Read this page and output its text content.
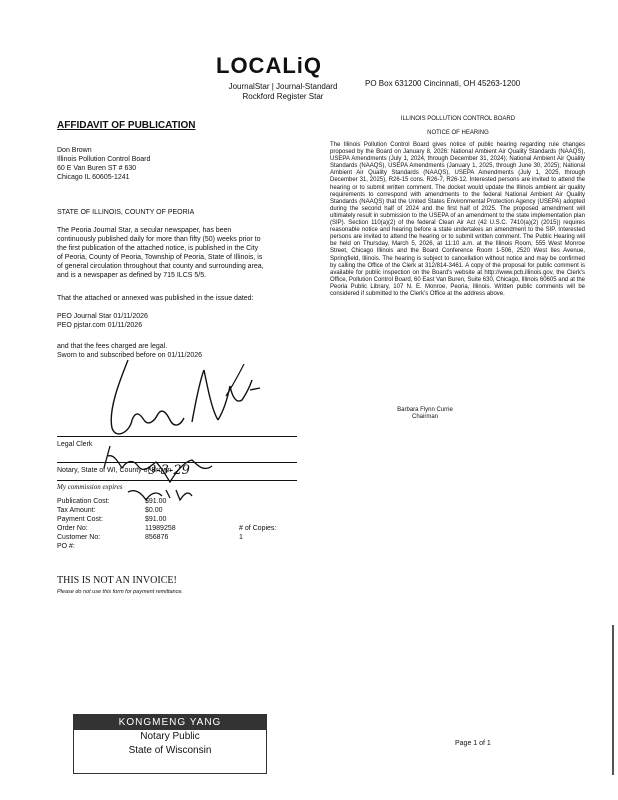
LOCALiQ
JournalStar | Journal-Standard
Rockford Register Star
PO Box 631200 Cincinnati, OH 45263-1200
AFFIDAVIT OF PUBLICATION
Don Brown
Illinois Pollution Control Board
60 E Van Buren ST # 630
Chicago IL 60605-1241
STATE OF ILLINOIS, COUNTY OF PEORIA
The Peoria Journal Star, a secular newspaper, has been
continuously published daily for more than fifty (50) weeks prior to
the first publication of the attached notice, is published in the City
of Peoria, County of Peoria, Township of Peoria, State of Illinois, is
of general circulation throughout that county and surrounding area,
and is a newspaper as defined by 715 ILCS 5/5.
That the attached or annexed was published in the issue dated:
PEO Journal Star 01/11/2026
PEO pjstar.com 01/11/2026
and that the fees charged are legal.
Sworn to and subscribed before on 01/11/2026
Legal Clerk
Notary, State of WI, County of Brown
9-3-29
My commission expires
Publication Cost:	$91.00	
Tax Amount:	$0.00	
Payment Cost:	$91.00	
Order No:	11989258	# of Copies:
Customer No:	856876	1
PO #:		
THIS IS NOT AN INVOICE!
Please do not use this form for payment remittance.
ILLINOIS POLLUTION CONTROL BOARD
NOTICE OF HEARING
The Illinois Pollution Control Board gives notice of public hearing regarding rule changes proposed by the Board on January 8, 2026: National Ambient Air Quality Standards (NAAQS), USEPA Amendments (July 1, 2024, through December 31, 2024); National Ambient Air Quality Standards (NAAQS), USEPA Amendments (January 1, 2025, through June 30, 2025); National Ambient Air Quality Standards (NAAQS), USEPA Amendments (July 1, 2025, through December 31, 2025), R26-15 cons. R26-7, R26-12. Interested persons are invited to attend the hearing or to submit written comment. The docket would update the Illinois ambient air quality requirements to correspond with amendments to the federal National Ambient Air Quality Standards (NAAQS) that the United States Environmental Protection Agency (USEPA) adopted during the second half of 2024 and the first half of 2025. The proposed amendment will ultimately result in submission to the USEPA of an amendment to the state implementation plan (SIP). Section 110(a)(2) of the federal Clean Air Act (42 U.S.C. 7410(a)(2) (2015)) requires reasonable notice and hearing before a state undertakes an amendment to the SIP. Interested persons are invited to attend the hearing or to submit written comment. The Public Hearing will be held on Thursday, March 5, 2026, at 11:10 a.m. at the Illinois Room, 555 West Monroe Street, Chicago Illinois and the Board Conference Room 1-506, 2520 West Iles Avenue, Springfield, Illinois. The hearing is subject to cancellation without notice and may be confirmed by calling the Office of the Clerk at 312/814-3461. A copy of the proposal for public comment is available for public inspection on the Board's website at http://www.pcb.illinois.gov, the Clerk's Office, Pollution Control Board, 60 East Van Buren, Suite 630, Chicago, Illinois 60605 and at the Peoria Public Library, 107 N. E. Monroe, Peoria, Illinois. Written public comments will be considered if submitted to the Clerk's Office at the address above.
Barbara Flynn Currie
Chairman
KONGMENG YANG
Notary Public
State of Wisconsin
Page 1 of 1
